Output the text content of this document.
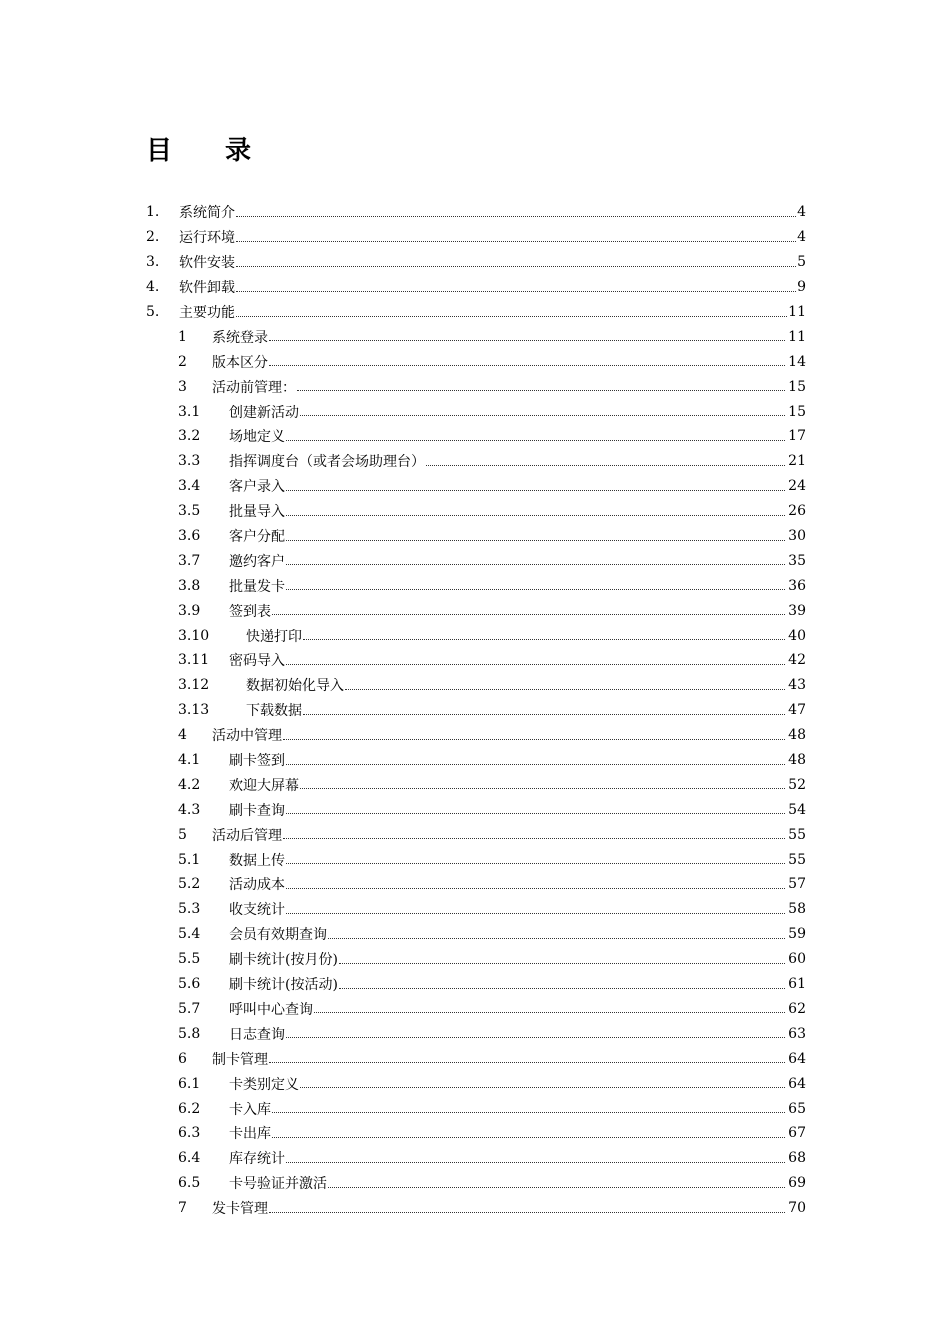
目 录
1.	系统简介	4
2.	运行环境	4
3.	软件安装	5
4.	软件卸载	9
5.	主要功能	11
1	系统登录	11
2	版本区分	14
3	活动前管理：	15
3.1	创建新活动	15
3.2	场地定义	17
3.3	指挥调度台（或者会场助理台）	21
3.4	客户录入	24
3.5	批量导入	26
3.6	客户分配	30
3.7	邀约客户	35
3.8	批量发卡	36
3.9	签到表	39
3.10	快递打印	40
3.11	密码导入	42
3.12	数据初始化导入	43
3.13	下载数据	47
4	活动中管理	48
4.1	刷卡签到	48
4.2	欢迎大屏幕	52
4.3	刷卡查询	54
5	活动后管理	55
5.1	数据上传	55
5.2	活动成本	57
5.3	收支统计	58
5.4	会员有效期查询	59
5.5	刷卡统计(按月份)	60
5.6	刷卡统计(按活动)	61
5.7	呼叫中心查询	62
5.8	日志查询	63
6	制卡管理	64
6.1	卡类别定义	64
6.2	卡入库	65
6.3	卡出库	67
6.4	库存统计	68
6.5	卡号验证并激活	69
7	发卡管理	70
